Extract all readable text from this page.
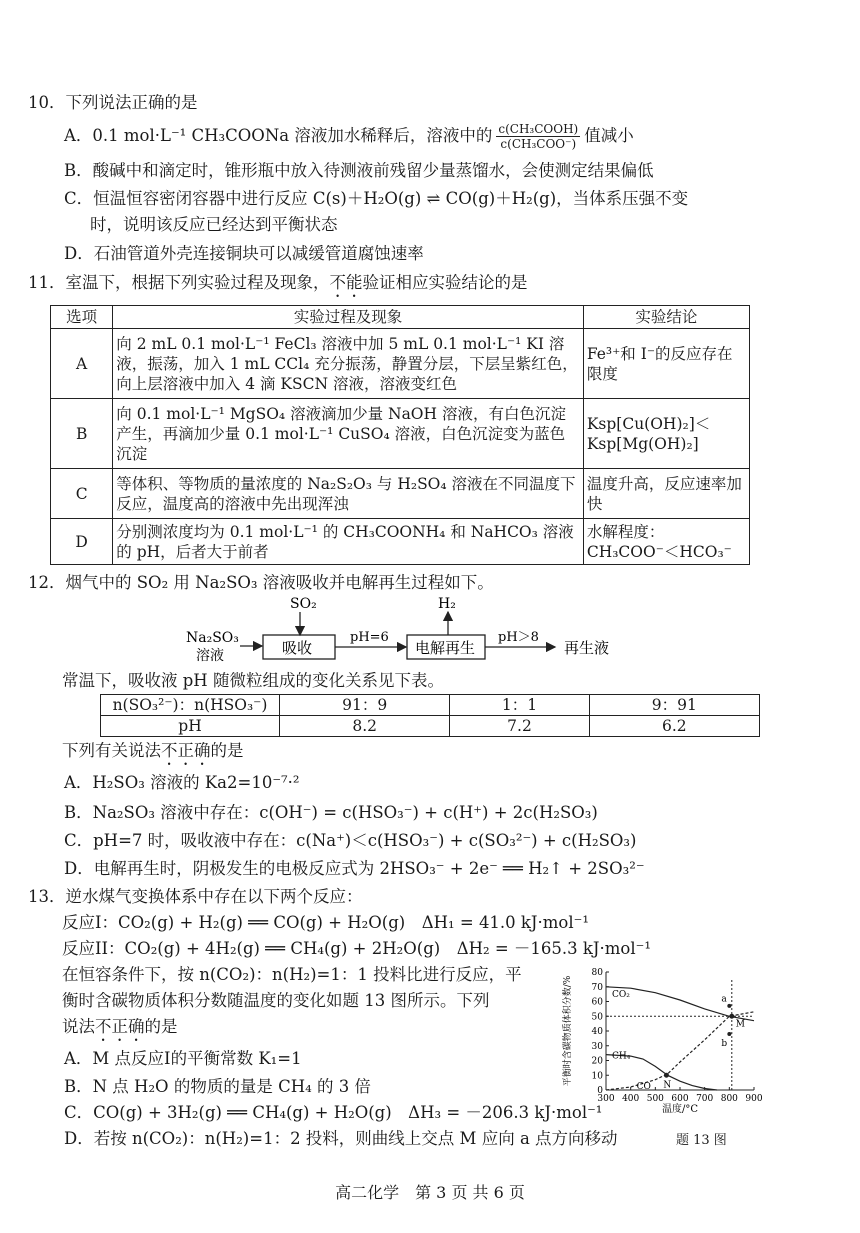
10．下列说法正确的是
A．0.1 mol·L⁻¹ CH₃COONa 溶液加水稀释后，溶液中的 $\frac{\text{c(CH₃COOH)}}{\text{c(CH₃COO⁻)}}$ 值减小
B．酸碱中和滴定时，锥形瓶中放入待测液前残留少量蒸馏水，会使测定结果偏低
C．恒温恒容密闭容器中进行反应 C(s)＋H₂O(g) ⇌ CO(g)＋H₂(g)，当体系压强不变
时，说明该反应已经达到平衡状态
D．石油管道外壳连接铜块可以减缓管道腐蚀速率
11．室温下，根据下列实验过程及现象，不能验证相应实验结论的是
选项	实验过程及现象	实验结论
A	向 2 mL 0.1 mol·L⁻¹ FeCl₃ 溶液中加 5 mL 0.1 mol·L⁻¹ KI 溶液，振荡，加入 1 mL CCl₄ 充分振荡，静置分层，下层呈紫红色，向上层溶液中加入 4 滴 KSCN 溶液，溶液变红色	Fe³⁺和 I⁻的反应存在限度
B	向 0.1 mol·L⁻¹ MgSO₄ 溶液滴加少量 NaOH 溶液，有白色沉淀产生，再滴加少量 0.1 mol·L⁻¹ CuSO₄ 溶液，白色沉淀变为蓝色沉淀	Ksp[Cu(OH)₂]＜ Ksp[Mg(OH)₂]
C	等体积、等物质的量浓度的 Na₂S₂O₃ 与 H₂SO₄ 溶液在不同温度下反应，温度高的溶液中先出现浑浊	温度升高，反应速率加快
D	分别测浓度均为 0.1 mol·L⁻¹ 的 CH₃COONH₄ 和 NaHCO₃ 溶液的 pH，后者大于前者	水解程度： CH₃COO⁻＜HCO₃⁻
12．烟气中的 SO₂ 用 Na₂SO₃ 溶液吸收并电解再生过程如下。
SO₂	H₂
Na₂SO₃
溶液	吸收
pH=6
电解再生
pH＞8
再生液
常温下，吸收液 pH 随微粒组成的变化关系见下表。
n(SO₃²⁻)：n(HSO₃⁻)	91：9	1：1	9：91
pH	8.2	7.2	6.2
下列有关说法不正确的是
A．H₂SO₃ 溶液的 Ka2=10⁻⁷·²
B．Na₂SO₃ 溶液中存在：c(OH⁻) = c(HSO₃⁻) + c(H⁺) + 2c(H₂SO₃)
C．pH=7 时，吸收液中存在：c(Na⁺)＜c(HSO₃⁻) + c(SO₃²⁻) + c(H₂SO₃)
D．电解再生时，阴极发生的电极反应式为 2HSO₃⁻ + 2e⁻ ══ H₂↑ + 2SO₃²⁻
13．逆水煤气变换体系中存在以下两个反应：
反应I：CO₂(g) + H₂(g) ══ CO(g) + H₂O(g)　ΔH₁ = 41.0 kJ·mol⁻¹
反应II：CO₂(g) + 4H₂(g) ══ CH₄(g) + 2H₂O(g)　ΔH₂ = －165.3 kJ·mol⁻¹
在恒容条件下，按 n(CO₂)：n(H₂)=1：1 投料比进行反应，平
衡时含碳物质体积分数随温度的变化如题 13 图所示。下列
说法不正确的是
A．M 点反应I的平衡常数 K₁=1
B．N 点 H₂O 的物质的量是 CH₄ 的 3 倍
C．CO(g) + 3H₂(g) ══ CH₄(g) + H₂O(g)　ΔH₃ = －206.3 kJ·mol⁻¹
D．若按 n(CO₂)：n(H₂)=1：2 投料，则曲线上交点 M 应向 a 点方向移动	题 13 图
300 400 500 600 700 800 900
0
10
20
30
40
50
60
70
80
平衡时含碳物质体积分数/%
温度/°C
CO₂
CH₄
CO
M
N
a
b
高二化学　第 3 页 共 6 页
